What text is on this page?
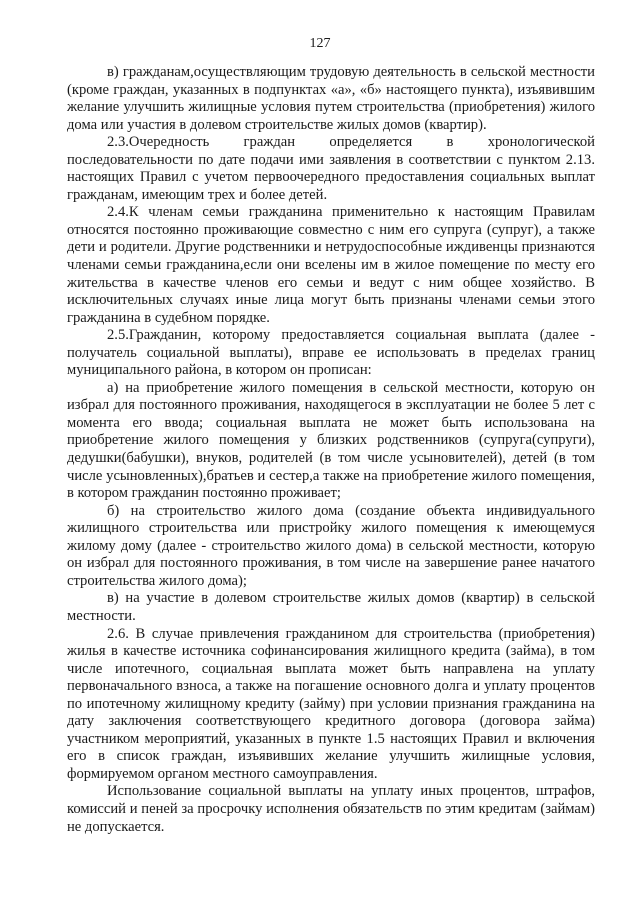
127

в) гражданам,осуществляющим трудовую деятельность в сельской местности (кроме граждан, указанных в подпунктах «а», «б» настоящего пункта), изъявившим желание улучшить жилищные условия путем строительства (приобретения) жилого дома или участия в долевом строительстве жилых домов (квартир).

2.3.Очередность граждан определяется в хронологической последовательности по дате подачи ими заявления в соответствии с пунктом 2.13. настоящих Правил с учетом первоочередного предоставления социальных выплат гражданам, имеющим трех и более детей.

2.4.К членам семьи гражданина применительно к настоящим Правилам относятся постоянно проживающие совместно с ним его супруга (супруг), а также дети и родители. Другие родственники и нетрудоспособные иждивенцы признаются членами семьи гражданина,если они вселены им в жилое помещение по месту его жительства в качестве членов его семьи и ведут с ним общее хозяйство. В исключительных случаях иные лица могут быть признаны членами семьи этого гражданина в судебном порядке.

2.5.Гражданин, которому предоставляется социальная выплата (далее - получатель социальной выплаты), вправе ее использовать в пределах границ муниципального района, в котором он прописан:

а) на приобретение жилого помещения в сельской местности, которую он избрал для постоянного проживания, находящегося в эксплуатации не более 5 лет с момента его ввода; социальная выплата не может быть использована на приобретение жилого помещения у близких родственников (супруга(супруги), дедушки(бабушки), внуков, родителей (в том числе усыновителей), детей (в том числе усыновленных),братьев и сестер,а также на приобретение жилого помещения, в котором гражданин постоянно проживает;

б) на строительство жилого дома (создание объекта индивидуального жилищного строительства или пристройку жилого помещения к имеющемуся жилому дому (далее - строительство жилого дома) в сельской местности, которую он избрал для постоянного проживания, в том числе на завершение ранее начатого строительства жилого дома);

в) на участие в долевом строительстве жилых домов (квартир) в сельской местности.

2.6. В случае привлечения гражданином для строительства (приобретения) жилья в качестве источника софинансирования жилищного кредита (займа), в том числе ипотечного, социальная выплата может быть направлена на уплату первоначального взноса, а также на погашение основного долга и уплату процентов по ипотечному жилищному кредиту (займу) при условии признания гражданина на дату заключения соответствующего кредитного договора (договора займа) участником мероприятий, указанных в пункте 1.5 настоящих Правил и включения его в список граждан, изъявивших желание улучшить жилищные условия, формируемом органом местного самоуправления.

Использование социальной выплаты на уплату иных процентов, штрафов, комиссий и пеней за просрочку исполнения обязательств по этим кредитам (займам) не допускается.
